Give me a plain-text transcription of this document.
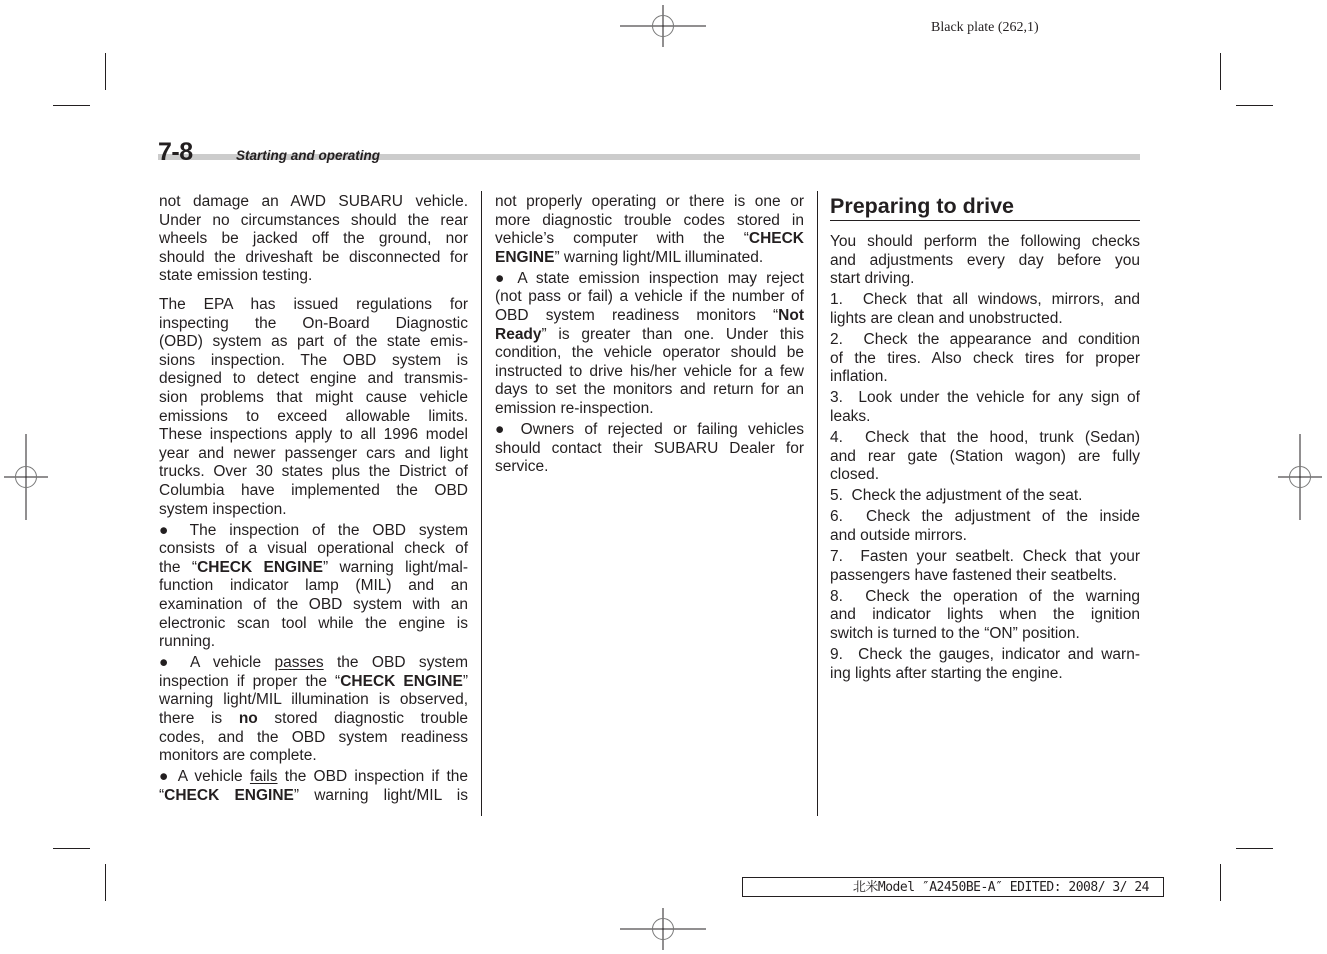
Black plate (262,1)
7-8	Starting and operating
not damage an AWD SUBARU vehicle.
Under no circumstances should the rear
wheels be jacked off the ground, nor
should the driveshaft be disconnected for
state emission testing.
The EPA has issued regulations for
inspecting the On-Board Diagnostic
(OBD) system as part of the state emis-
sions inspection. The OBD system is
designed to detect engine and transmis-
sion problems that might cause vehicle
emissions to exceed allowable limits.
These inspections apply to all 1996 model
year and newer passenger cars and light
trucks. Over 30 states plus the District of
Columbia have implemented the OBD
system inspection.
● The inspection of the OBD system
consists of a visual operational check of
the “CHECK ENGINE” warning light/mal-
function indicator lamp (MIL) and an
examination of the OBD system with an
electronic scan tool while the engine is
running.
● A vehicle passes the OBD system
inspection if proper the “CHECK ENGINE”
warning light/MIL illumination is observed,
there is no stored diagnostic trouble
codes, and the OBD system readiness
monitors are complete.
● A vehicle fails the OBD inspection if the
“CHECK ENGINE” warning light/MIL is
not properly operating or there is one or
more diagnostic trouble codes stored in
vehicle’s computer with the “CHECK
ENGINE” warning light/MIL illuminated.
● A state emission inspection may reject
(not pass or fail) a vehicle if the number of
OBD system readiness monitors “Not
Ready” is greater than one. Under this
condition, the vehicle operator should be
instructed to drive his/her vehicle for a few
days to set the monitors and return for an
emission re-inspection.
● Owners of rejected or failing vehicles
should contact their SUBARU Dealer for
service.
Preparing to drive
You should perform the following checks
and adjustments every day before you
start driving.
1.  Check that all windows, mirrors, and
lights are clean and unobstructed.
2.  Check the appearance and condition
of the tires. Also check tires for proper
inflation.
3.  Look under the vehicle for any sign of
leaks.
4.  Check that the hood, trunk (Sedan)
and rear gate (Station wagon) are fully
closed.
5.  Check the adjustment of the seat.
6.  Check the adjustment of the inside
and outside mirrors.
7.  Fasten your seatbelt. Check that your
passengers have fastened their seatbelts.
8.  Check the operation of the warning
and indicator lights when the ignition
switch is turned to the “ON” position.
9.  Check the gauges, indicator and warn-
ing lights after starting the engine.
北米Model ″A2450BE-A″ EDITED: 2008/ 3/ 24
